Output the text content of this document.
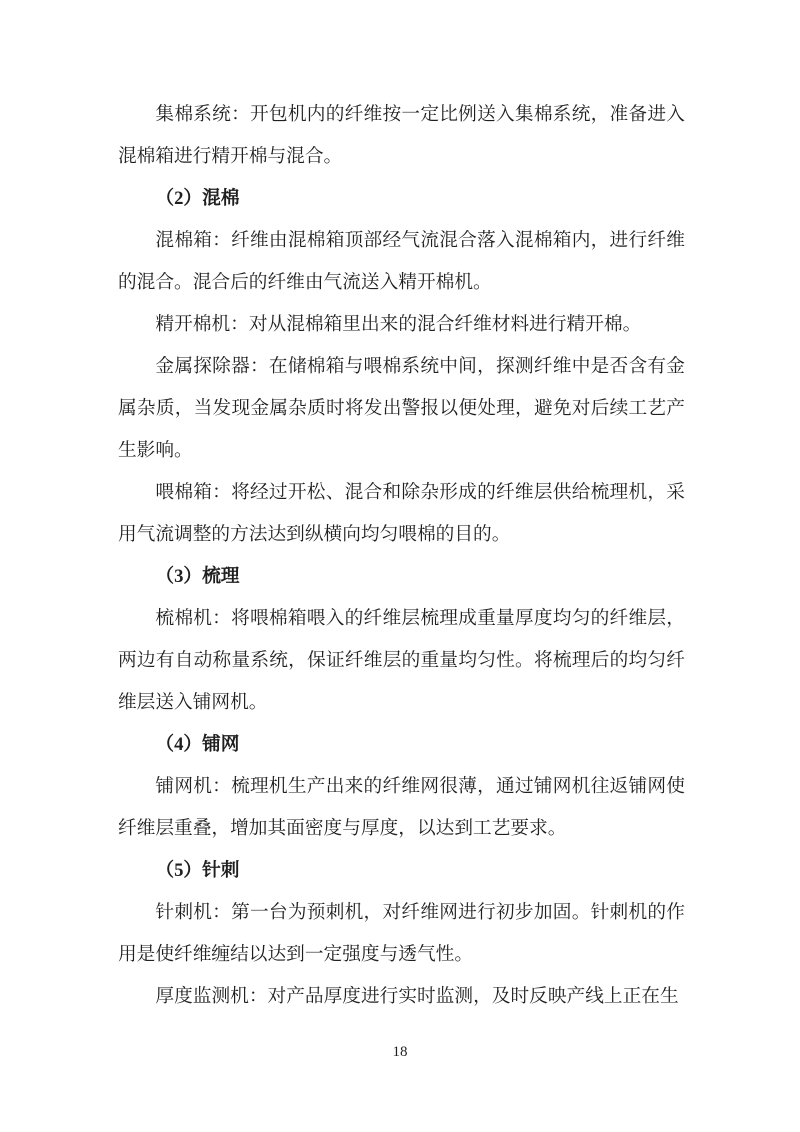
集棉系统：开包机内的纤维按一定比例送入集棉系统，准备进入混棉箱进行精开棉与混合。

（2）混棉

混棉箱：纤维由混棉箱顶部经气流混合落入混棉箱内，进行纤维的混合。混合后的纤维由气流送入精开棉机。

精开棉机：对从混棉箱里出来的混合纤维材料进行精开棉。

金属探除器：在储棉箱与喂棉系统中间，探测纤维中是否含有金属杂质，当发现金属杂质时将发出警报以便处理，避免对后续工艺产生影响。

喂棉箱：将经过开松、混合和除杂形成的纤维层供给梳理机，采用气流调整的方法达到纵横向均匀喂棉的目的。

（3）梳理

梳棉机：将喂棉箱喂入的纤维层梳理成重量厚度均匀的纤维层，两边有自动称量系统，保证纤维层的重量均匀性。将梳理后的均匀纤维层送入铺网机。

（4）铺网

铺网机：梳理机生产出来的纤维网很薄，通过铺网机往返铺网使纤维层重叠，增加其面密度与厚度，以达到工艺要求。

（5）针刺

针刺机：第一台为预刺机，对纤维网进行初步加固。针刺机的作用是使纤维缠结以达到一定强度与透气性。

厚度监测机：对产品厚度进行实时监测，及时反映产线上正在生

18
